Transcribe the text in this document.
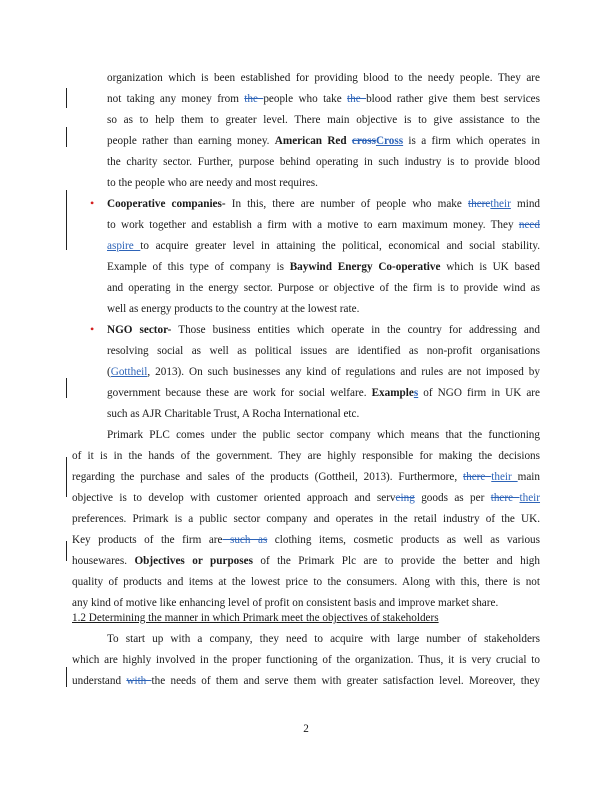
organization which is been established for providing blood to the needy people. They are
not taking any money from the people who take the blood rather give them best services
so as to help them to greater level. There main objective is to give assistance to the
people rather than earning money. American Red crossCross is a firm which operates in
the charity sector. Further, purpose behind operating in such industry is to provide blood
to the people who are needy and most requires.
•	Cooperative companies- In this, there are number of people who make theretheir mind
to work together and establish a firm with a motive to earn maximum money. They need
aspire to acquire greater level in attaining the political, economical and social stability.
Example of this type of company is Baywind Energy Co-operative which is UK based
and operating in the energy sector. Purpose or objective of the firm is to provide wind as
well as energy products to the country at the lowest rate.
•	NGO sector- Those business entities which operate in the country for addressing and
resolving social as well as political issues are identified as non-profit organisations
(Gottheil, 2013). On such businesses any kind of regulations and rules are not imposed by
government because these are work for social welfare. Examples of NGO firm in UK are
such as AJR Charitable Trust, A Rocha International etc.
Primark PLC comes under the public sector company which means that the functioning
of it is in the hands of the government. They are highly responsible for making the decisions
regarding the purchase and sales of the products (Gottheil, 2013). Furthermore, there their main
objective is to develop with customer oriented approach and serveing goods as per there their
preferences. Primark is a public sector company and operates in the retail industry of the UK.
Key products of the firm are such as clothing items, cosmetic products as well as various
housewares. Objectives or purposes of the Primark Plc are to provide the better and high
quality of products and items at the lowest price to the consumers. Along with this, there is not
any kind of motive like enhancing level of profit on consistent basis and improve market share.
1.2 Determining the manner in which Primark meet the objectives of stakeholders
To start up with a company, they need to acquire with large number of stakeholders
which are highly involved in the proper functioning of the organization. Thus, it is very crucial to
understand with the needs of them and serve them with greater satisfaction level. Moreover, they
2
